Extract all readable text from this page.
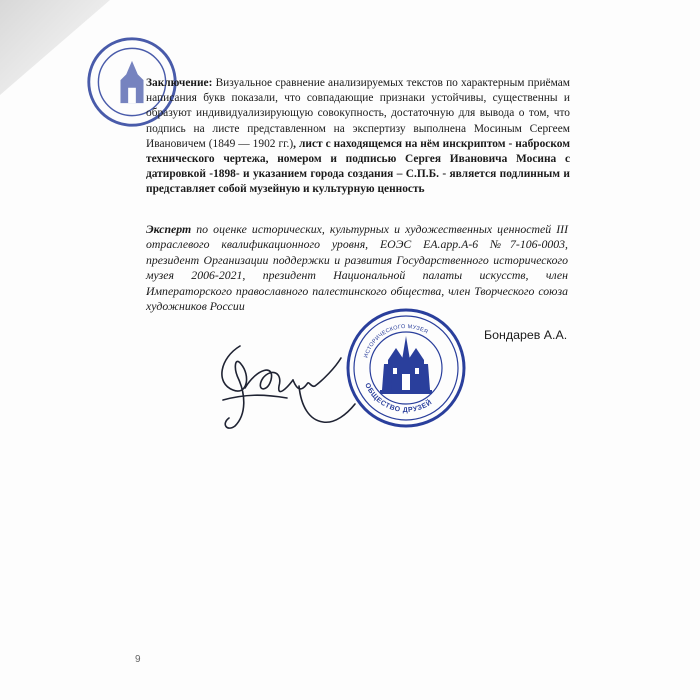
Заключение: Визуальное сравнение анализируемых текстов по характерным приёмам написания букв показали, что совпадающие признаки устойчивы, существенны и образуют индивидуализирующую совокупность, достаточную для вывода о том, что подпись на листе представленном на экспертизу выполнена Мосиным Сергеем Ивановичем (1849 — 1902 гг.), лист с находящемся на нём инскриптом - наброском технического чертежа, номером и подписью Сергея Ивановича Мосина с датировкой -1898- и указанием города создания – С.П.Б. - является подлинным и представляет собой музейную и культурную ценность

Эксперт по оценке исторических, культурных и художественных ценностей III отраслевого квалификационного уровня, ЕОЭС ЕА.арр.А-6 №7-106-0003, президент Организации поддержки и развития Государственного исторического музея 2006-2021, президент Национальной палаты искусств, член Императорского православного палестинского общества, член Творческого союза художников России

Бондарев А.А.
ОБЩЕСТВО ДРУЗЕЙ
ИСТОРИЧЕСКОГО МУЗЕЯ
9
